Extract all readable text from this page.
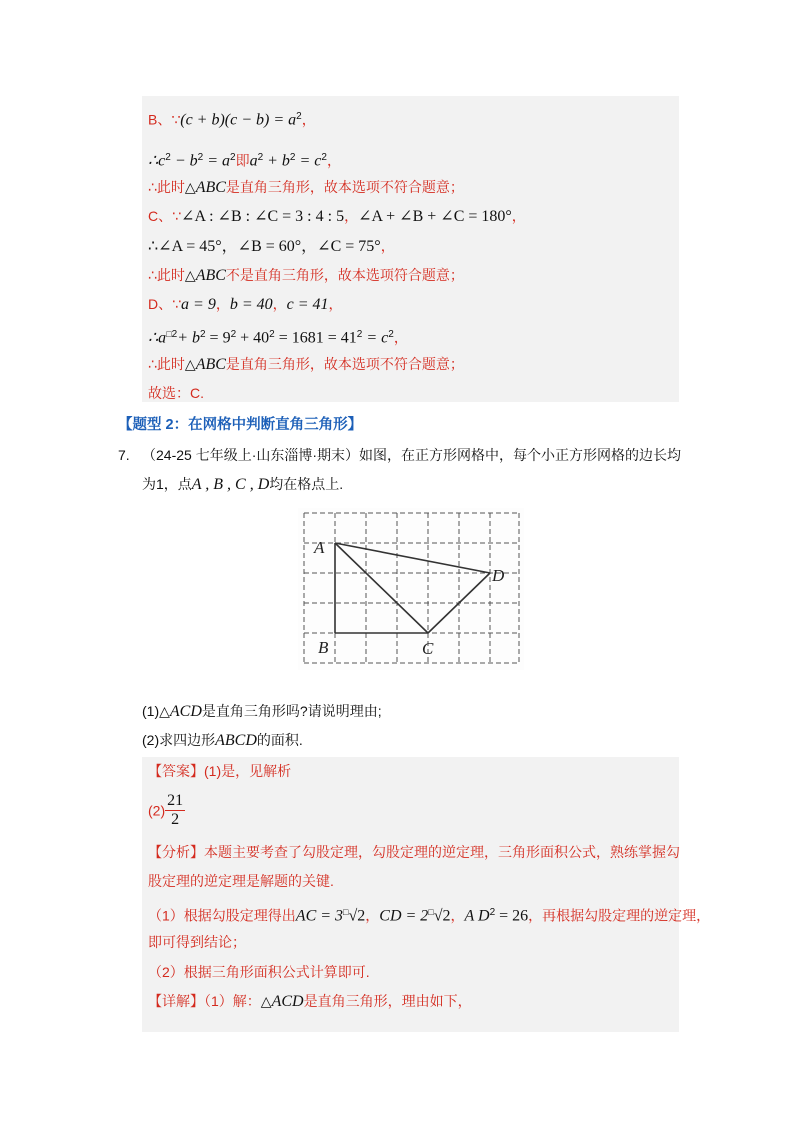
B、∵(c + $b)(c - b) = a^2$，
$\therefore c^2 - b^2 = a^2$即$a^2 + b^2 = c^2$，
∴此时△ABC是直角三角形，故本选项不符合题意；
C、∵∠A : ∠B : ∠C = 3 : 4 : 5，∠A + ∠B + ∠C = 180°，
∴∠A = 45°，∠B = 60°，∠C = 75°，
∴此时△ABC不是直角三角形，故本选项符合题意；
D、∵a = 9，b = 40，c = 41，
$\therefore a^{□2}+ b^2 = 9^2 + 40^2 = 1681 = 41^2 = c^2$，
∴此时△ABC是直角三角形，故本选项不符合题意；
故选：C.
【题型 2：在网格中判断直角三角形】
7. （24-25 七年级上·山东淄博·期末）如图，在正方形网格中，每个小正方形网格的边长均
为1，点A , B , C , D均在格点上.
A
B	C
D
(1)△ACD是直角三角形吗?请说明理由;
(2)求四边形ABCD的面积.
【答案】(1)是，见解析
$(2) \frac{21}{2}$
【分析】本题主要考查了勾股定理，勾股定理的逆定理，三角形面积公式，熟练掌握勾
股定理的逆定理是解题的关键.
（1）根据勾股定理得出AC = 3□√2，CD = 2□√2，A $D^2 = 26$，再根据勾股定理的逆定理，
即可得到结论；
（2）根据三角形面积公式计算即可.
【详解】（1）解：△ACD是直角三角形，理由如下，
